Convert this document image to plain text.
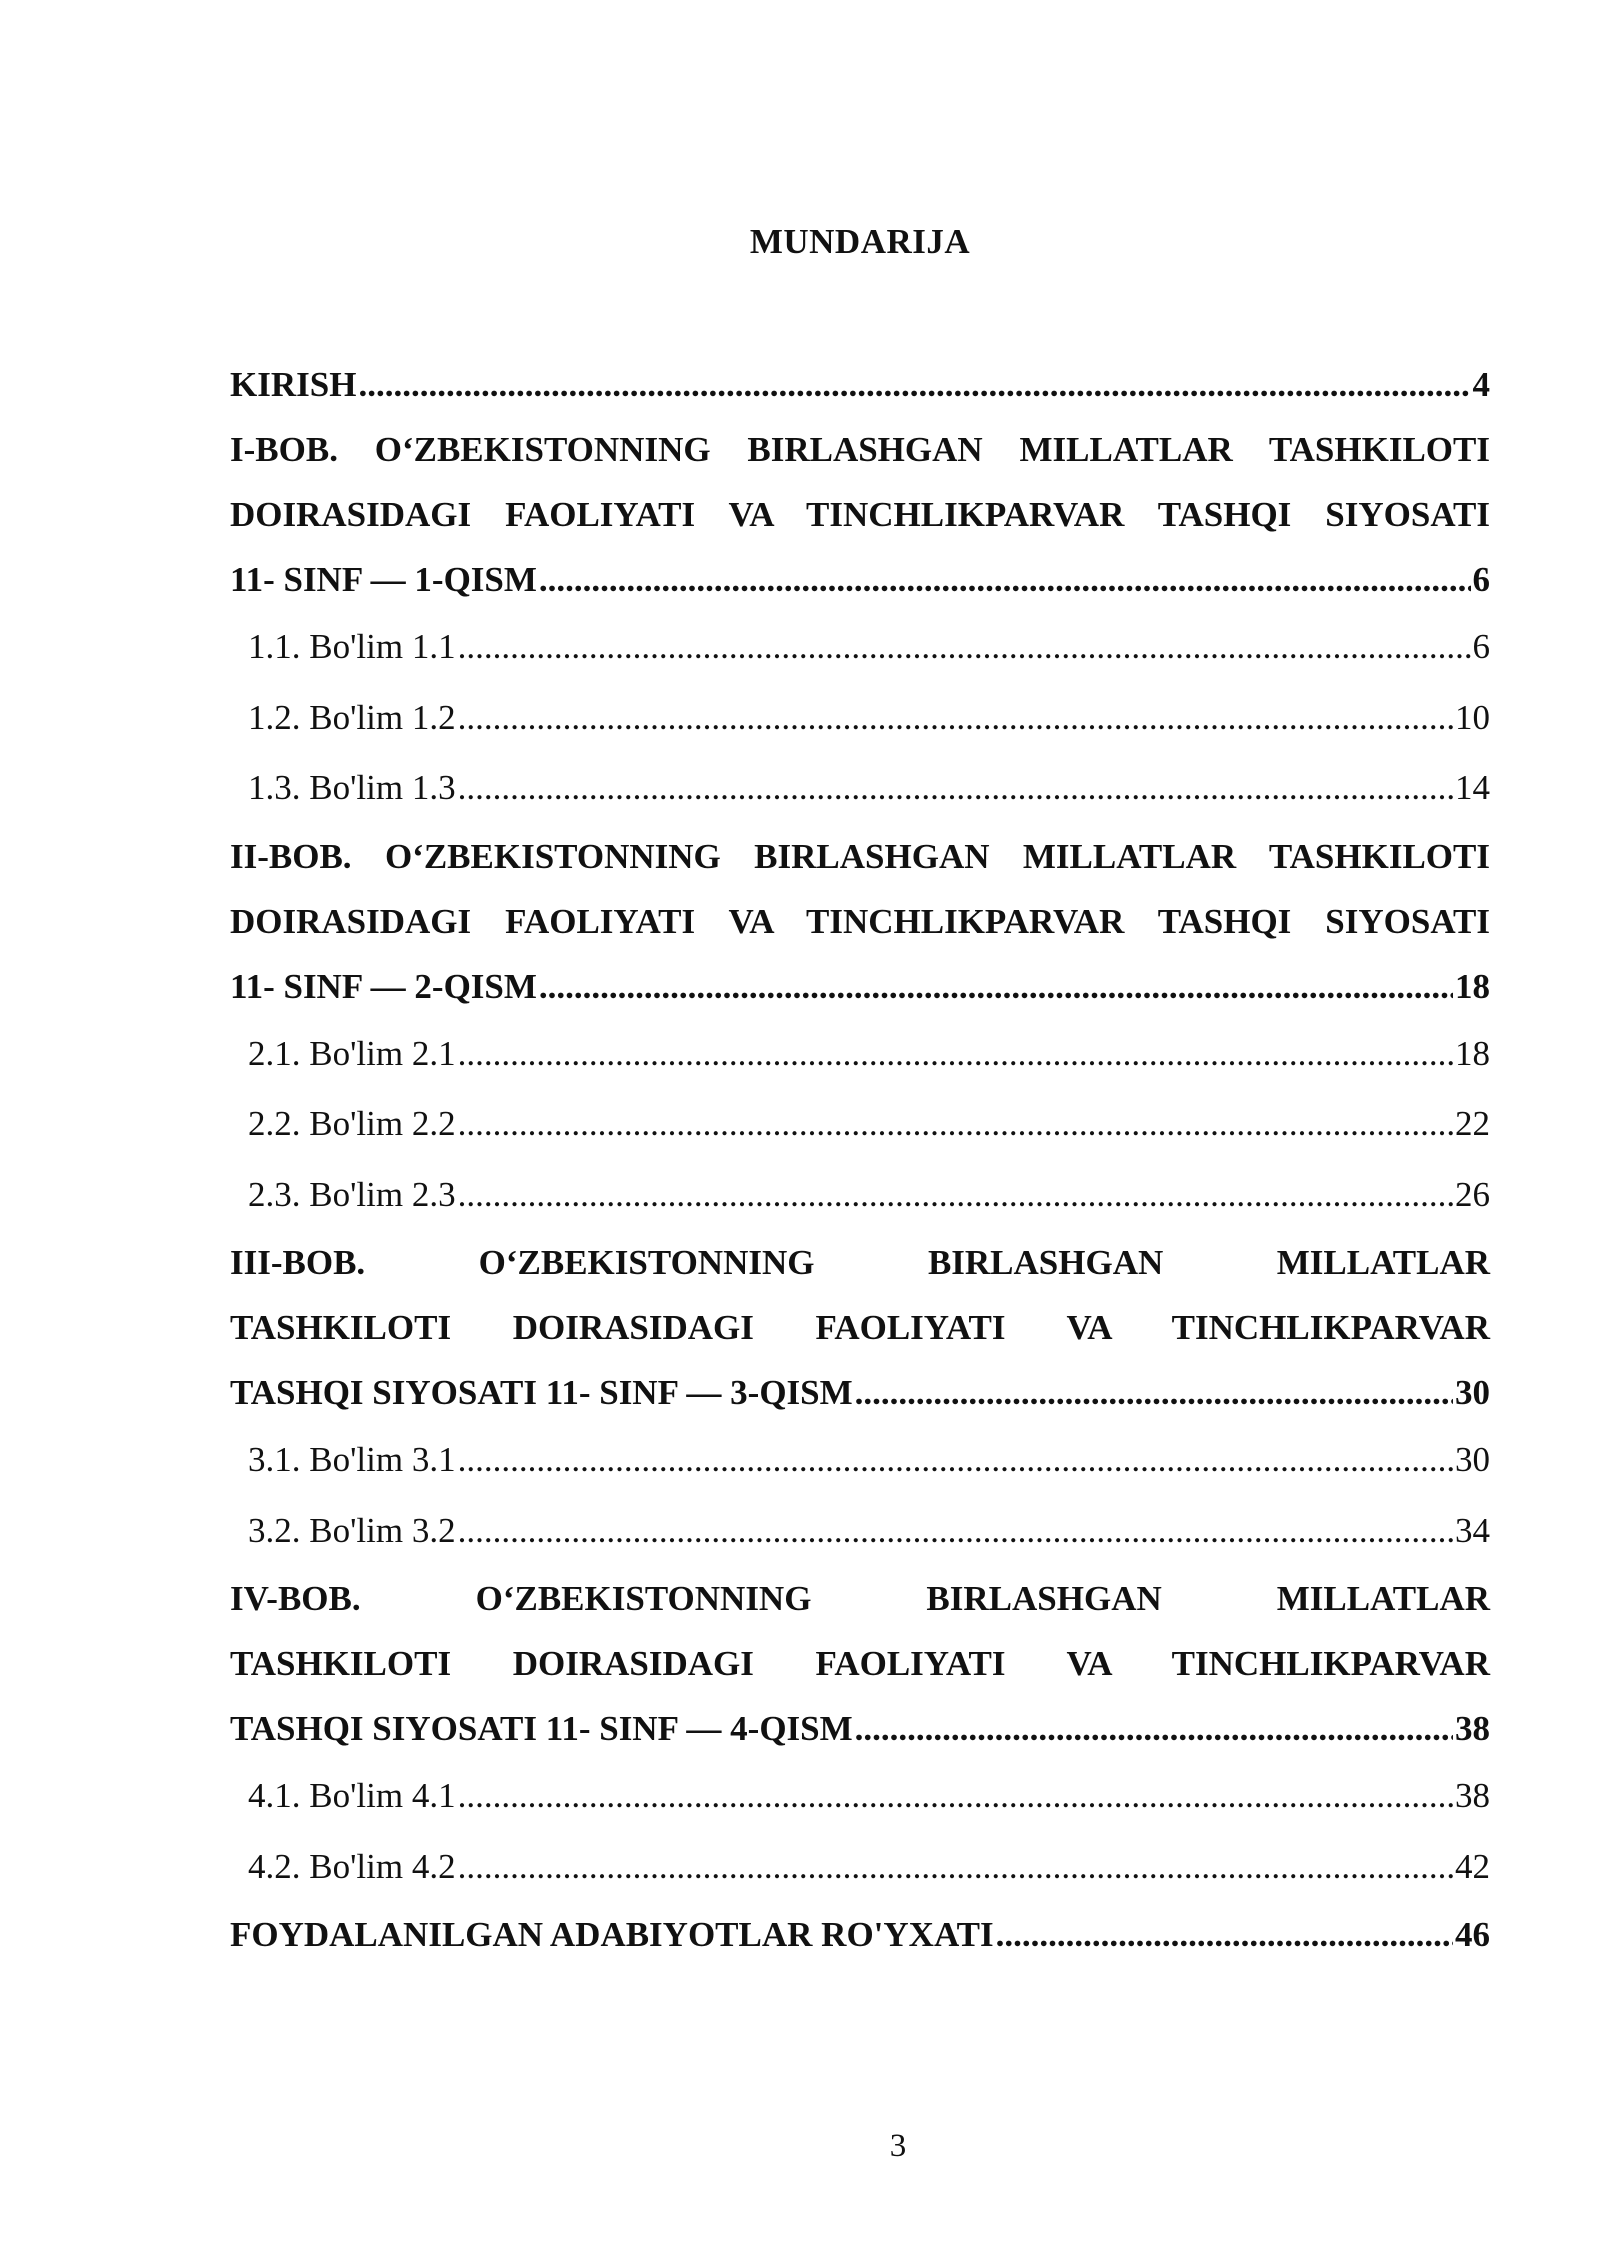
MUNDARIJA
KIRISH .....	4
I-BOB. O‘ZBEKISTONNING BIRLASHGAN MILLATLAR TASHKILOTI
DOIRASIDAGI FAOLIYATI VA TINCHLIKPARVAR TASHQI SIYOSATI
11- SINF — 1-QISM .....	6
1.1. Bo'lim 1.1 .....	6
1.2. Bo'lim 1.2 .....	10
1.3. Bo'lim 1.3 .....	14
II-BOB. O‘ZBEKISTONNING BIRLASHGAN MILLATLAR TASHKILOTI
DOIRASIDAGI FAOLIYATI VA TINCHLIKPARVAR TASHQI SIYOSATI
11- SINF — 2-QISM .....	18
2.1. Bo'lim 2.1 .....	18
2.2. Bo'lim 2.2 .....	22
2.3. Bo'lim 2.3 .....	26
III-BOB. O‘ZBEKISTONNING BIRLASHGAN MILLATLAR
TASHKILOTI DOIRASIDAGI FAOLIYATI VA TINCHLIKPARVAR
TASHQI SIYOSATI 11- SINF — 3-QISM .....	30
3.1. Bo'lim 3.1 .....	30
3.2. Bo'lim 3.2 .....	34
IV-BOB. O‘ZBEKISTONNING BIRLASHGAN MILLATLAR
TASHKILOTI DOIRASIDAGI FAOLIYATI VA TINCHLIKPARVAR
TASHQI SIYOSATI 11- SINF — 4-QISM .....	38
4.1. Bo'lim 4.1 .....	38
4.2. Bo'lim 4.2 .....	42
FOYDALANILGAN ADABIYOTLAR RO'YXATI .....	46
3
